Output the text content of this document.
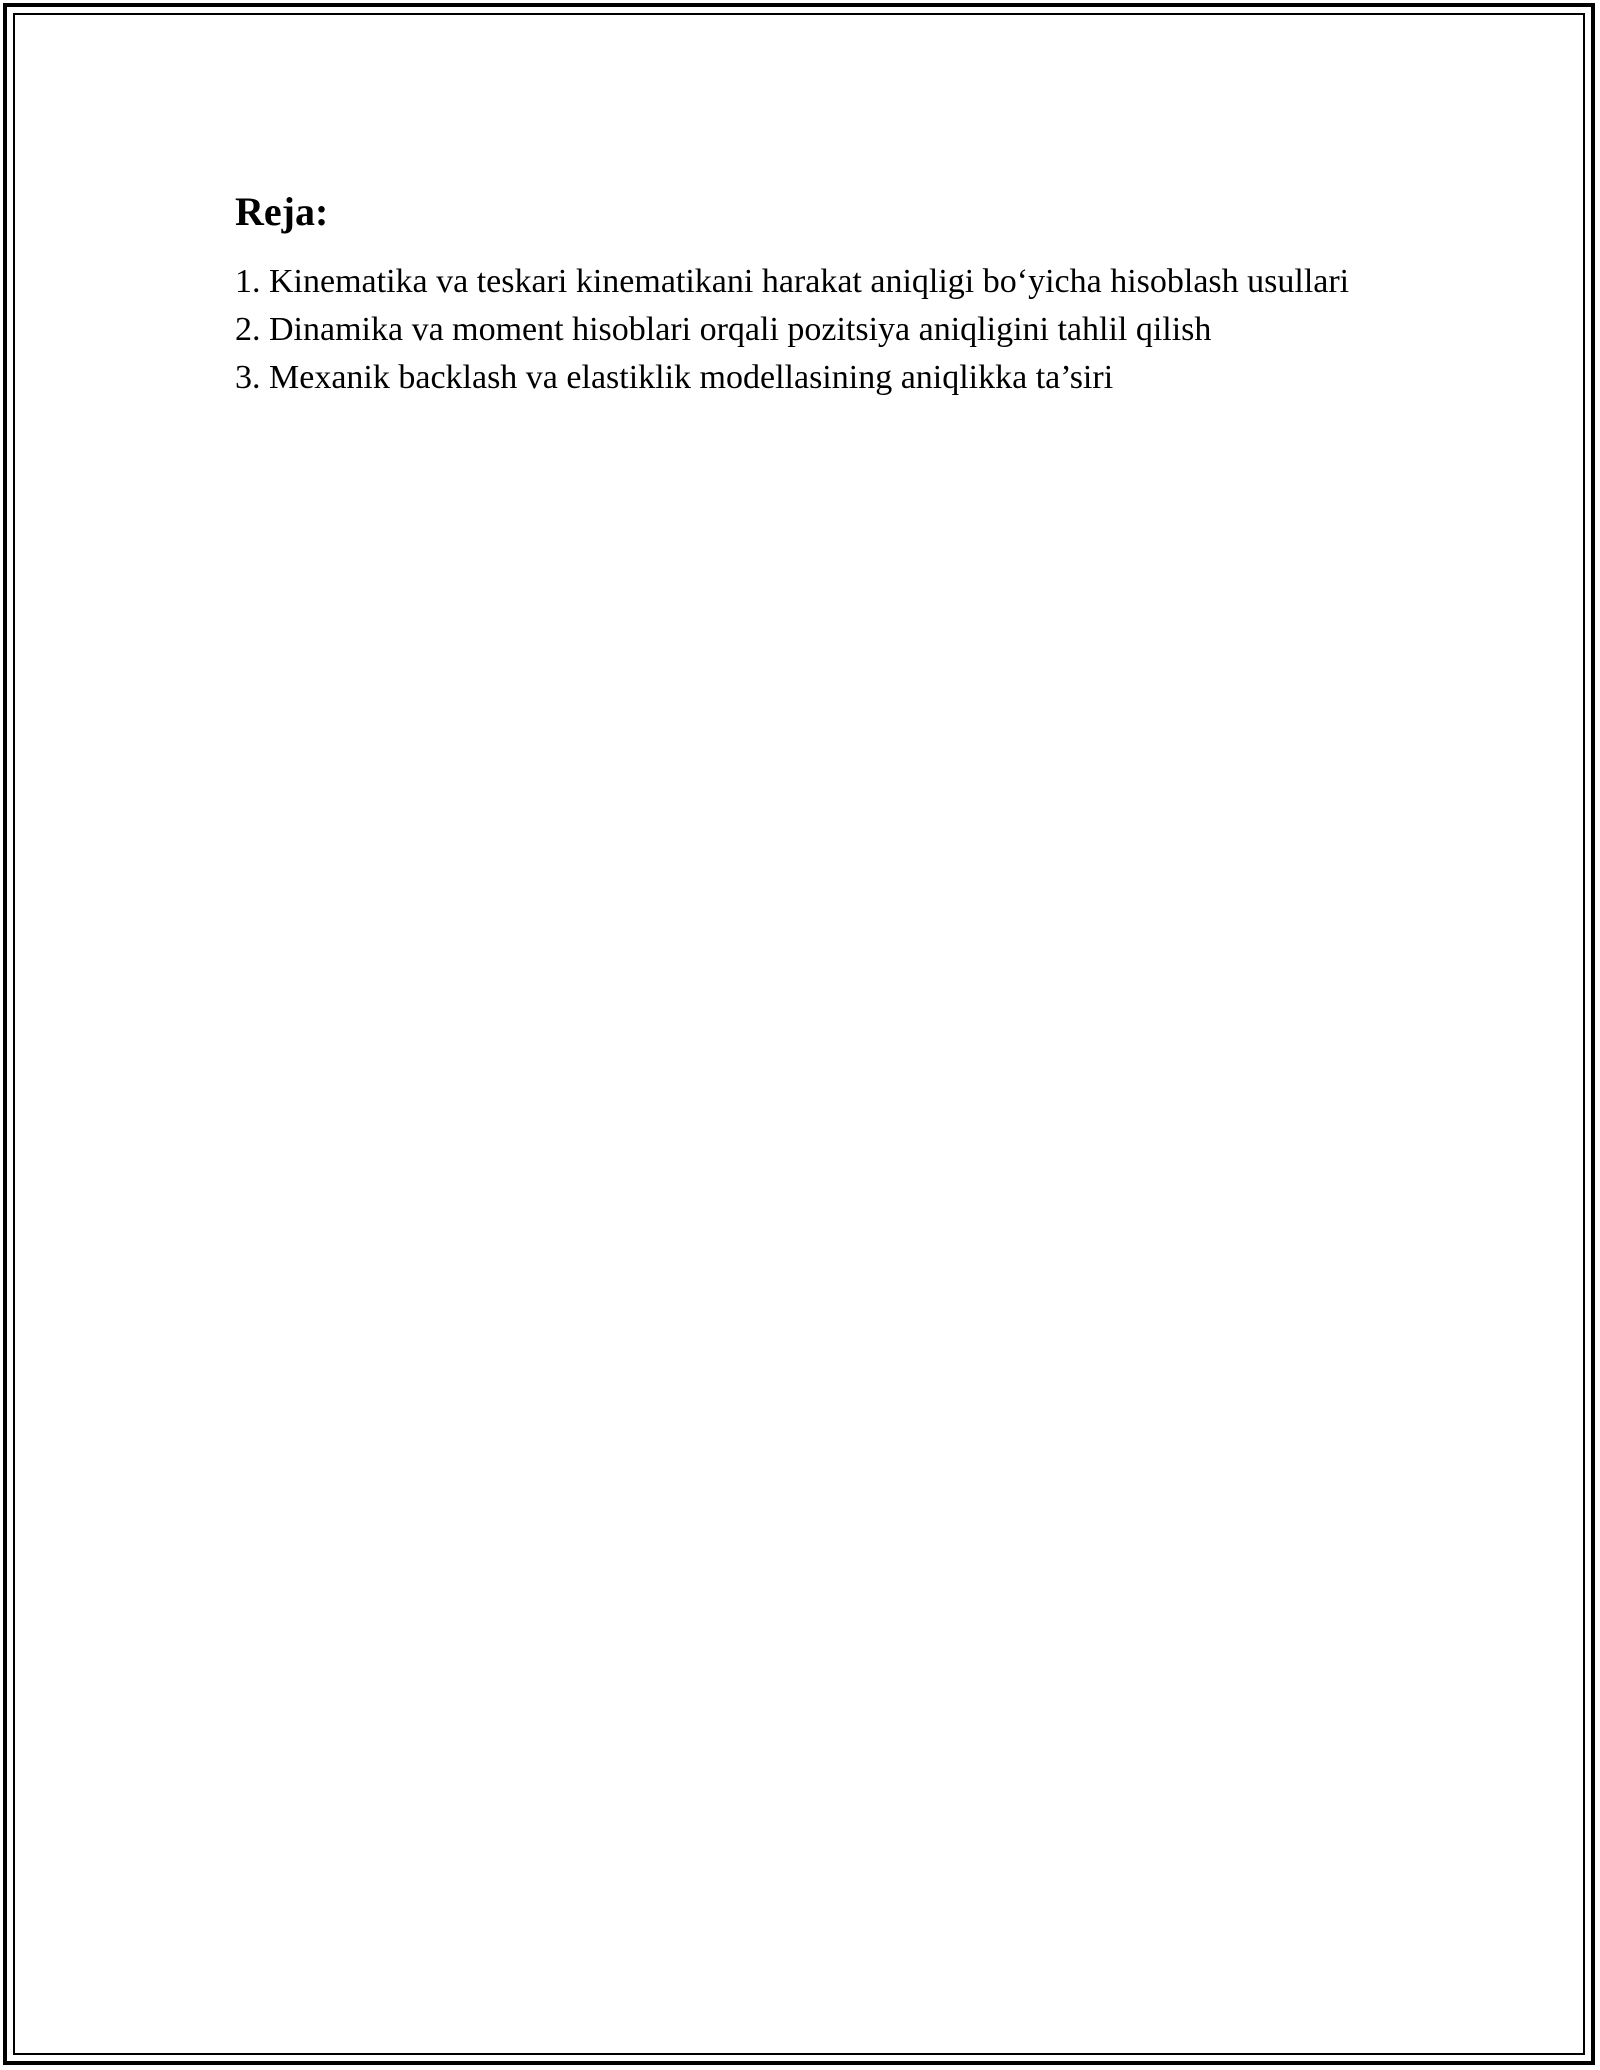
Reja:
1. Kinematika va teskari kinematikani harakat aniqligi bo‘yicha hisoblash usullari
2. Dinamika va moment hisoblari orqali pozitsiya aniqligini tahlil qilish
3. Mexanik backlash va elastiklik modellasining aniqlikka ta’siri
